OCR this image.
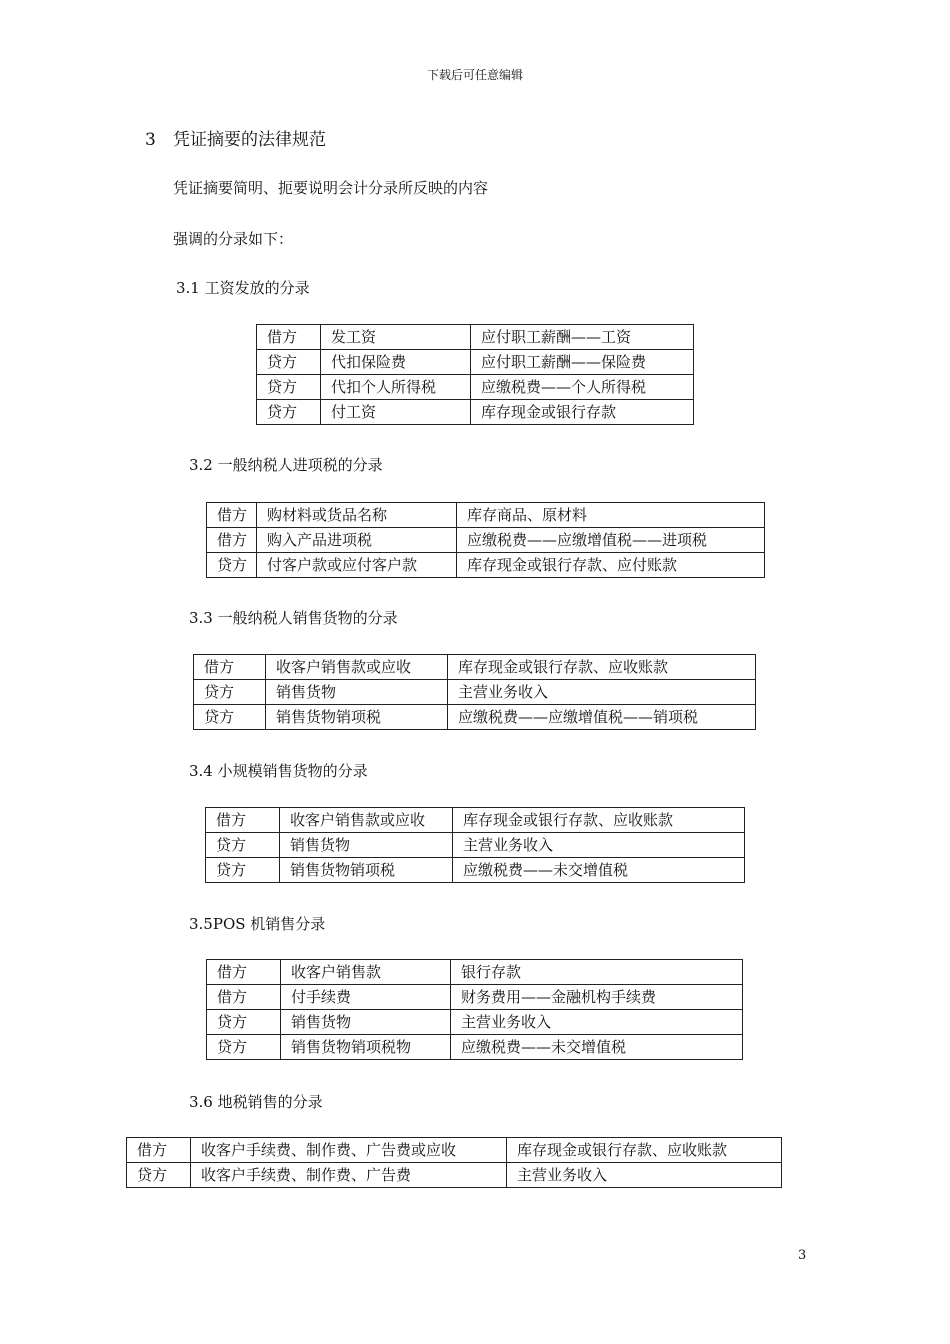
下载后可任意编辑
3 凭证摘要的法律规范
凭证摘要简明、扼要说明会计分录所反映的内容
强调的分录如下：
3.1 工资发放的分录
借方	发工资	应付职工薪酬——工资
贷方	代扣保险费	应付职工薪酬——保险费
贷方	代扣个人所得税	应缴税费——个人所得税
贷方	付工资	库存现金或银行存款
3.2 一般纳税人进项税的分录
借方	购材料或货品名称	库存商品、原材料
借方	购入产品进项税	应缴税费——应缴增值税——进项税
贷方	付客户款或应付客户款	库存现金或银行存款、应付账款
3.3 一般纳税人销售货物的分录
借方	收客户销售款或应收	库存现金或银行存款、应收账款
贷方	销售货物	主营业务收入
贷方	销售货物销项税	应缴税费——应缴增值税——销项税
3.4 小规模销售货物的分录
借方	收客户销售款或应收	库存现金或银行存款、应收账款
贷方	销售货物	主营业务收入
贷方	销售货物销项税	应缴税费——未交增值税
3.5POS 机销售分录
借方	收客户销售款	银行存款
借方	付手续费	财务费用——金融机构手续费
贷方	销售货物	主营业务收入
贷方	销售货物销项税物	应缴税费——未交增值税
3.6 地税销售的分录
借方	收客户手续费、制作费、广告费或应收	库存现金或银行存款、应收账款
贷方	收客户手续费、制作费、广告费	主营业务收入
3
